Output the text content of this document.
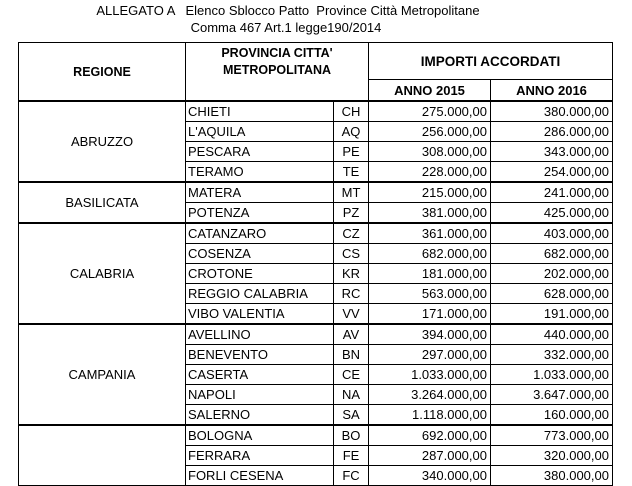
ALLEGATO A   Elenco Sblocco Patto  Province Città Metropolitane
Comma 467 Art.1 legge190/2014
REGIONE	PROVINCIA CITTA'
METROPOLITANA		IMPORTI ACCORDATI	
			ANNO 2015	ANNO 2016
ABRUZZO	CHIETI	CH	275.000,00	380.000,00
	L'AQUILA	AQ	256.000,00	286.000,00
	PESCARA	PE	308.000,00	343.000,00
	TERAMO	TE	228.000,00	254.000,00
BASILICATA	MATERA	MT	215.000,00	241.000,00
	POTENZA	PZ	381.000,00	425.000,00
CALABRIA	CATANZARO	CZ	361.000,00	403.000,00
	COSENZA	CS	682.000,00	682.000,00
	CROTONE	KR	181.000,00	202.000,00
	REGGIO CALABRIA	RC	563.000,00	628.000,00
	VIBO VALENTIA	VV	171.000,00	191.000,00
CAMPANIA	AVELLINO	AV	394.000,00	440.000,00
	BENEVENTO	BN	297.000,00	332.000,00
	CASERTA	CE	1.033.000,00	1.033.000,00
	NAPOLI	NA	3.264.000,00	3.647.000,00
	SALERNO	SA	1.118.000,00	160.000,00
	BOLOGNA	BO	692.000,00	773.000,00
	FERRARA	FE	287.000,00	320.000,00
	FORLI CESENA	FC	340.000,00	380.000,00
